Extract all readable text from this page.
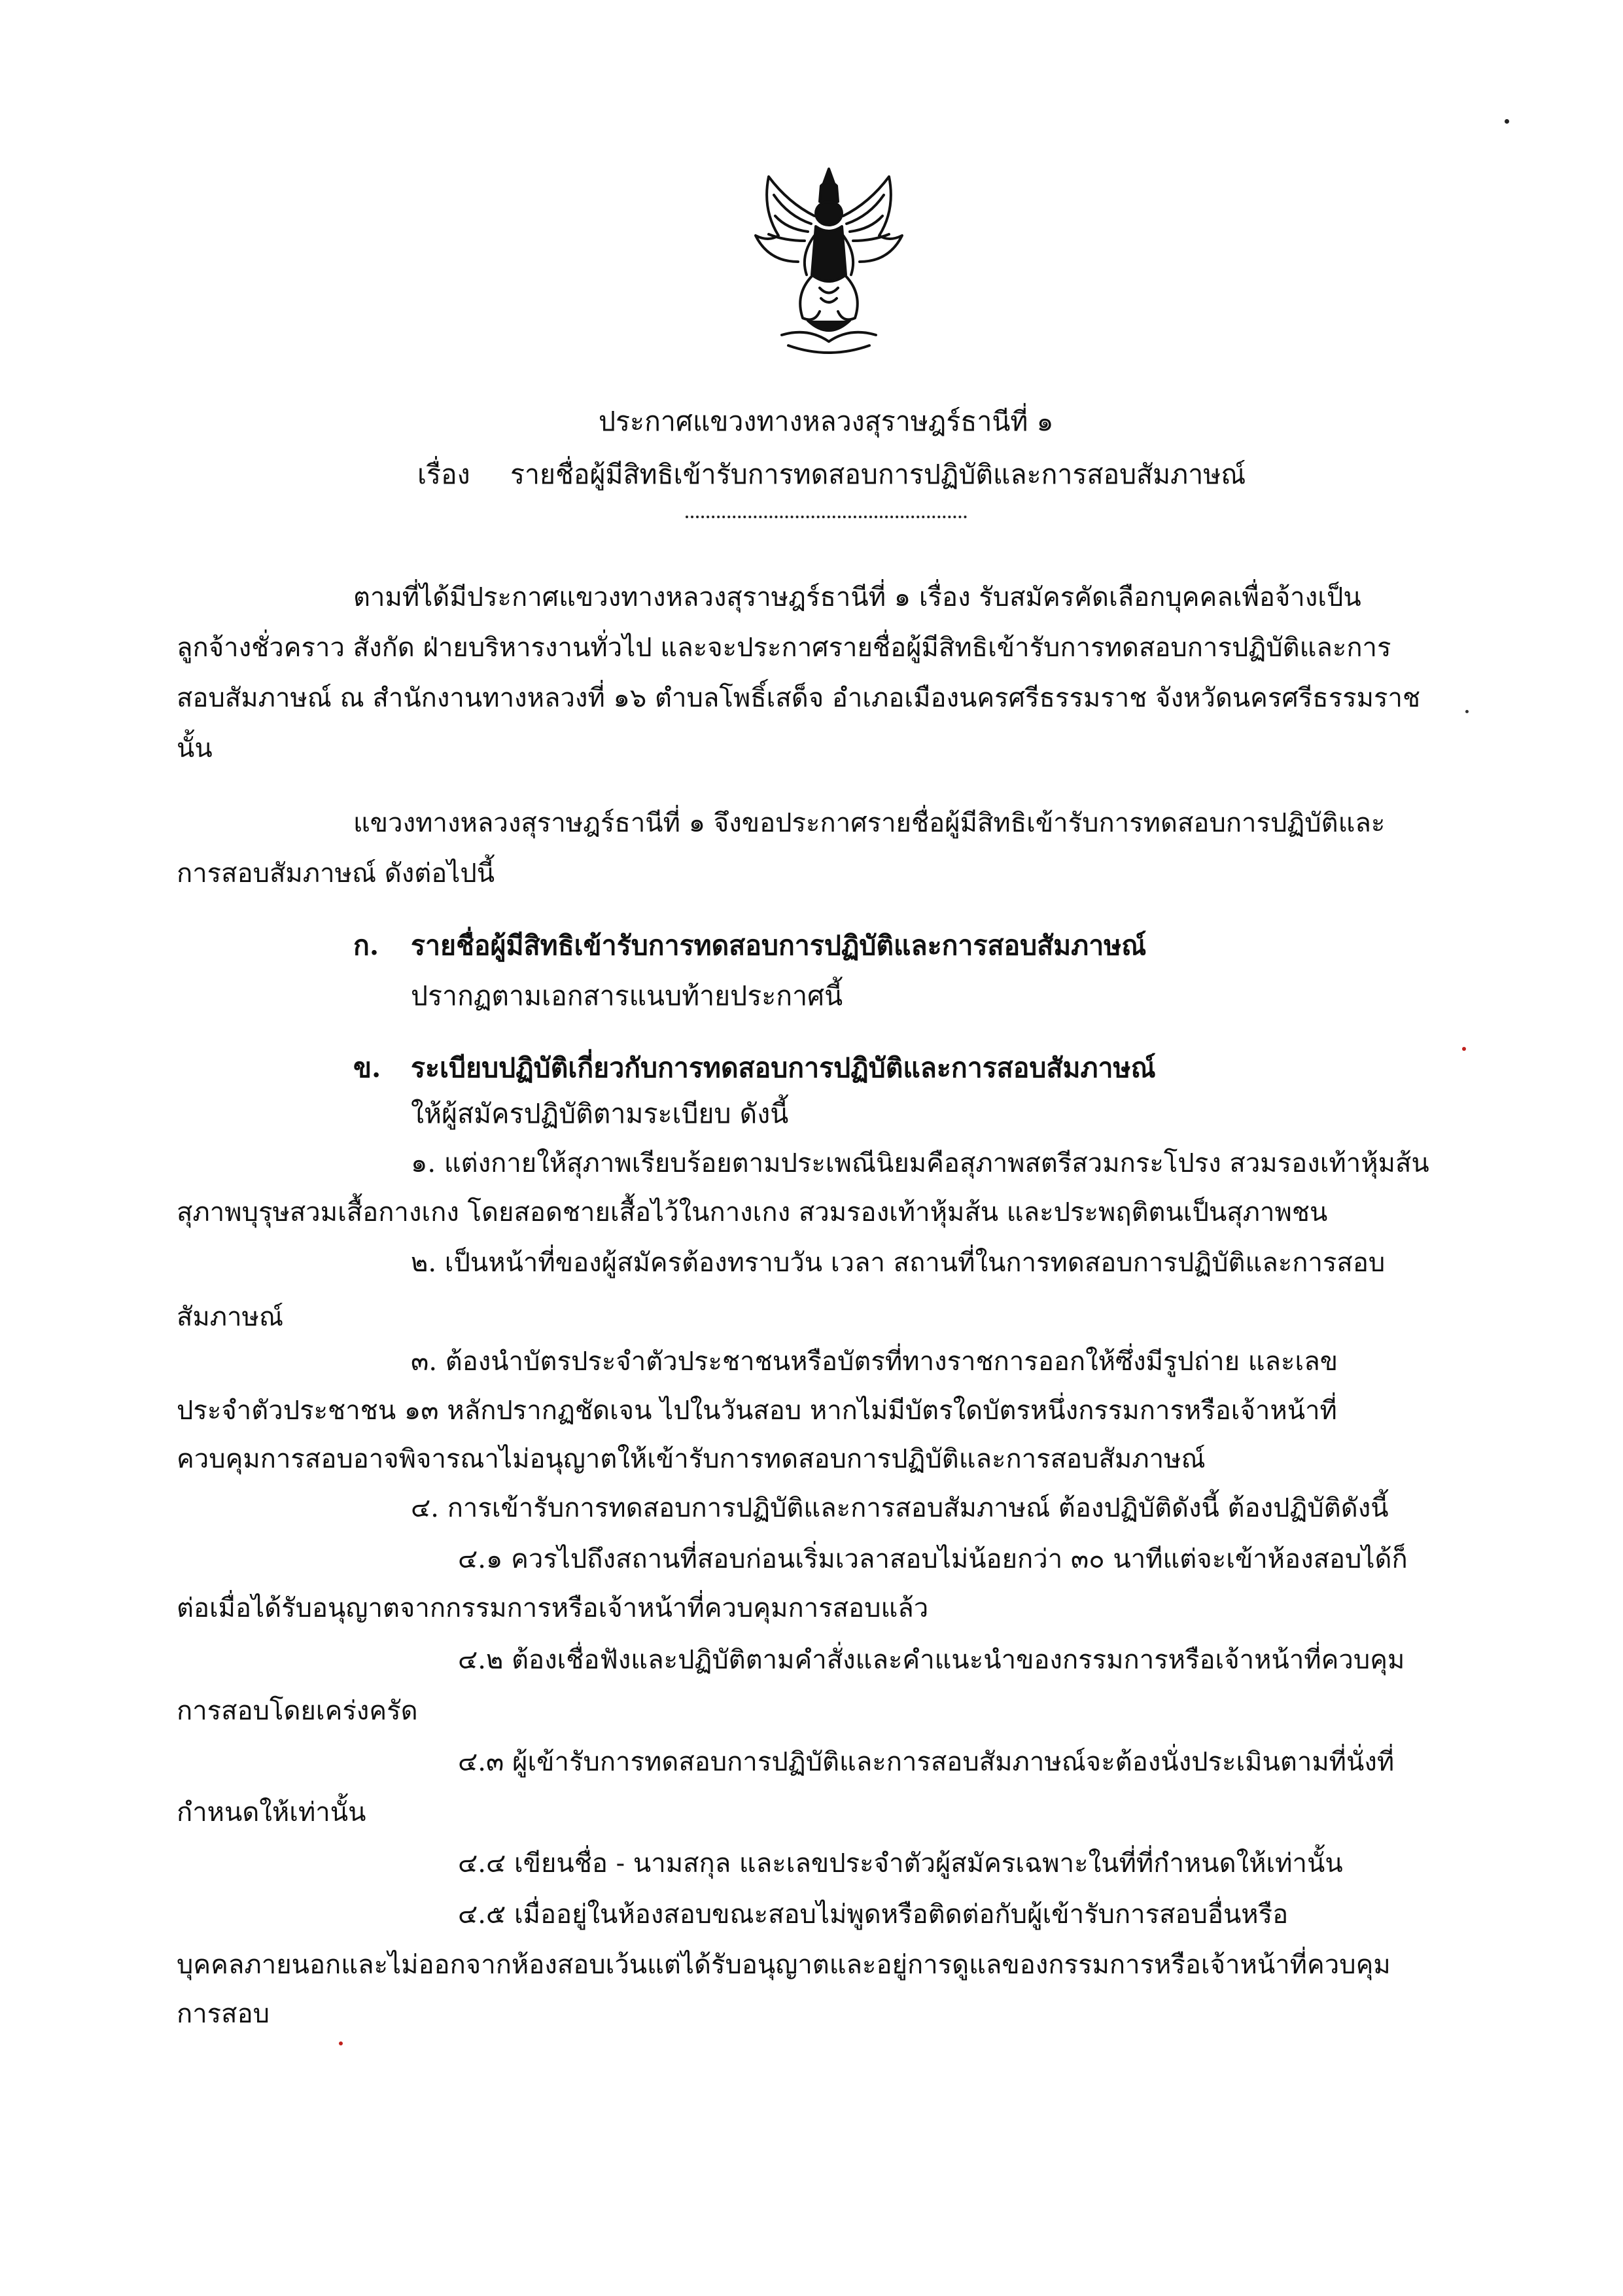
ประกาศแขวงทางหลวงสุราษฎร์ธานีที่ ๑
เรื่อง รายชื่อผู้มีสิทธิเข้ารับการทดสอบการปฏิบัติและการสอบสัมภาษณ์
ตามที่ได้มีประกาศแขวงทางหลวงสุราษฎร์ธานีที่ ๑ เรื่อง รับสมัครคัดเลือกบุคคลเพื่อจ้างเป็น
ลูกจ้างชั่วคราว สังกัด ฝ่ายบริหารงานทั่วไป และจะประกาศรายชื่อผู้มีสิทธิเข้ารับการทดสอบการปฏิบัติและการ
สอบสัมภาษณ์ ณ สำนักงานทางหลวงที่ ๑๖ ตำบลโพธิ์เสด็จ อำเภอเมืองนครศรีธรรมราช จังหวัดนครศรีธรรมราช
นั้น
แขวงทางหลวงสุราษฎร์ธานีที่ ๑ จึงขอประกาศรายชื่อผู้มีสิทธิเข้ารับการทดสอบการปฏิบัติและ
การสอบสัมภาษณ์ ดังต่อไปนี้
ก. รายชื่อผู้มีสิทธิเข้ารับการทดสอบการปฏิบัติและการสอบสัมภาษณ์
ปรากฏตามเอกสารแนบท้ายประกาศนี้
ข. ระเบียบปฏิบัติเกี่ยวกับการทดสอบการปฏิบัติและการสอบสัมภาษณ์
ให้ผู้สมัครปฏิบัติตามระเบียบ ดังนี้
๑. แต่งกายให้สุภาพเรียบร้อยตามประเพณีนิยมคือสุภาพสตรีสวมกระโปรง สวมรองเท้าหุ้มส้น
สุภาพบุรุษสวมเสื้อกางเกง โดยสอดชายเสื้อไว้ในกางเกง สวมรองเท้าหุ้มส้น และประพฤติตนเป็นสุภาพชน
๒. เป็นหน้าที่ของผู้สมัครต้องทราบวัน เวลา สถานที่ในการทดสอบการปฏิบัติและการสอบ
สัมภาษณ์
๓. ต้องนำบัตรประจำตัวประชาชนหรือบัตรที่ทางราชการออกให้ซึ่งมีรูปถ่าย และเลข
ประจำตัวประชาชน ๑๓ หลักปรากฏชัดเจน ไปในวันสอบ หากไม่มีบัตรใดบัตรหนึ่งกรรมการหรือเจ้าหน้าที่
ควบคุมการสอบอาจพิจารณาไม่อนุญาตให้เข้ารับการทดสอบการปฏิบัติและการสอบสัมภาษณ์
๔. การเข้ารับการทดสอบการปฏิบัติและการสอบสัมภาษณ์ ต้องปฏิบัติดังนี้ ต้องปฏิบัติดังนี้
๔.๑ ควรไปถึงสถานที่สอบก่อนเริ่มเวลาสอบไม่น้อยกว่า ๓๐ นาทีแต่จะเข้าห้องสอบได้ก็
ต่อเมื่อได้รับอนุญาตจากกรรมการหรือเจ้าหน้าที่ควบคุมการสอบแล้ว
๔.๒ ต้องเชื่อฟังและปฏิบัติตามคำสั่งและคำแนะนำของกรรมการหรือเจ้าหน้าที่ควบคุม
การสอบโดยเคร่งครัด
๔.๓ ผู้เข้ารับการทดสอบการปฏิบัติและการสอบสัมภาษณ์จะต้องนั่งประเมินตามที่นั่งที่
กำหนดให้เท่านั้น
๔.๔ เขียนชื่อ - นามสกุล และเลขประจำตัวผู้สมัครเฉพาะในที่ที่กำหนดให้เท่านั้น
๔.๕ เมื่ออยู่ในห้องสอบขณะสอบไม่พูดหรือติดต่อกับผู้เข้ารับการสอบอื่นหรือ
บุคคลภายนอกและไม่ออกจากห้องสอบเว้นแต่ได้รับอนุญาตและอยู่การดูแลของกรรมการหรือเจ้าหน้าที่ควบคุม
การสอบ
